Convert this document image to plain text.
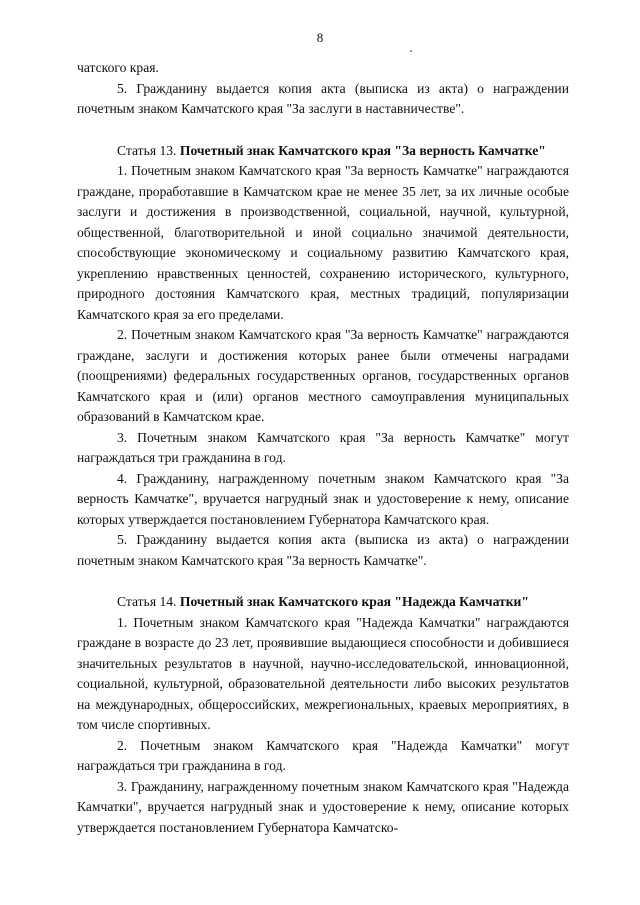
8

чатского края.

5. Гражданину выдается копия акта (выписка из акта) о награждении почетным знаком Камчатского края "За заслуги в наставничестве".

Статья 13. Почетный знак Камчатского края "За верность Камчатке"

1. Почетным знаком Камчатского края "За верность Камчатке" награждаются граждане, проработавшие в Камчатском крае не менее 35 лет, за их личные особые заслуги и достижения в производственной, социальной, научной, культурной, общественной, благотворительной и иной социально значимой деятельности, способствующие экономическому и социальному развитию Камчатского края, укреплению нравственных ценностей, сохранению исторического, культурного, природного достояния Камчатского края, местных традиций, популяризации Камчатского края за его пределами.

2. Почетным знаком Камчатского края "За верность Камчатке" награждаются граждане, заслуги и достижения которых ранее были отмечены наградами (поощрениями) федеральных государственных органов, государственных органов Камчатского края и (или) органов местного самоуправления муниципальных образований в Камчатском крае.

3. Почетным знаком Камчатского края "За верность Камчатке" могут награждаться три гражданина в год.

4. Гражданину, награжденному почетным знаком Камчатского края "За верность Камчатке", вручается нагрудный знак и удостоверение к нему, описание которых утверждается постановлением Губернатора Камчатского края.

5. Гражданину выдается копия акта (выписка из акта) о награждении почетным знаком Камчатского края "За верность Камчатке".

Статья 14. Почетный знак Камчатского края "Надежда Камчатки"

1. Почетным знаком Камчатского края "Надежда Камчатки" награждаются граждане в возрасте до 23 лет, проявившие выдающиеся способности и добившиеся значительных результатов в научной, научно-исследовательской, инновационной, социальной, культурной, образовательной деятельности либо высоких результатов на международных, общероссийских, межрегиональных, краевых мероприятиях, в том числе спортивных.

2. Почетным знаком Камчатского края "Надежда Камчатки" могут награждаться три гражданина в год.

3. Гражданину, награжденному почетным знаком Камчатского края "Надежда Камчатки", вручается нагрудный знак и удостоверение к нему, описание которых утверждается постановлением Губернатора Камчатско-
